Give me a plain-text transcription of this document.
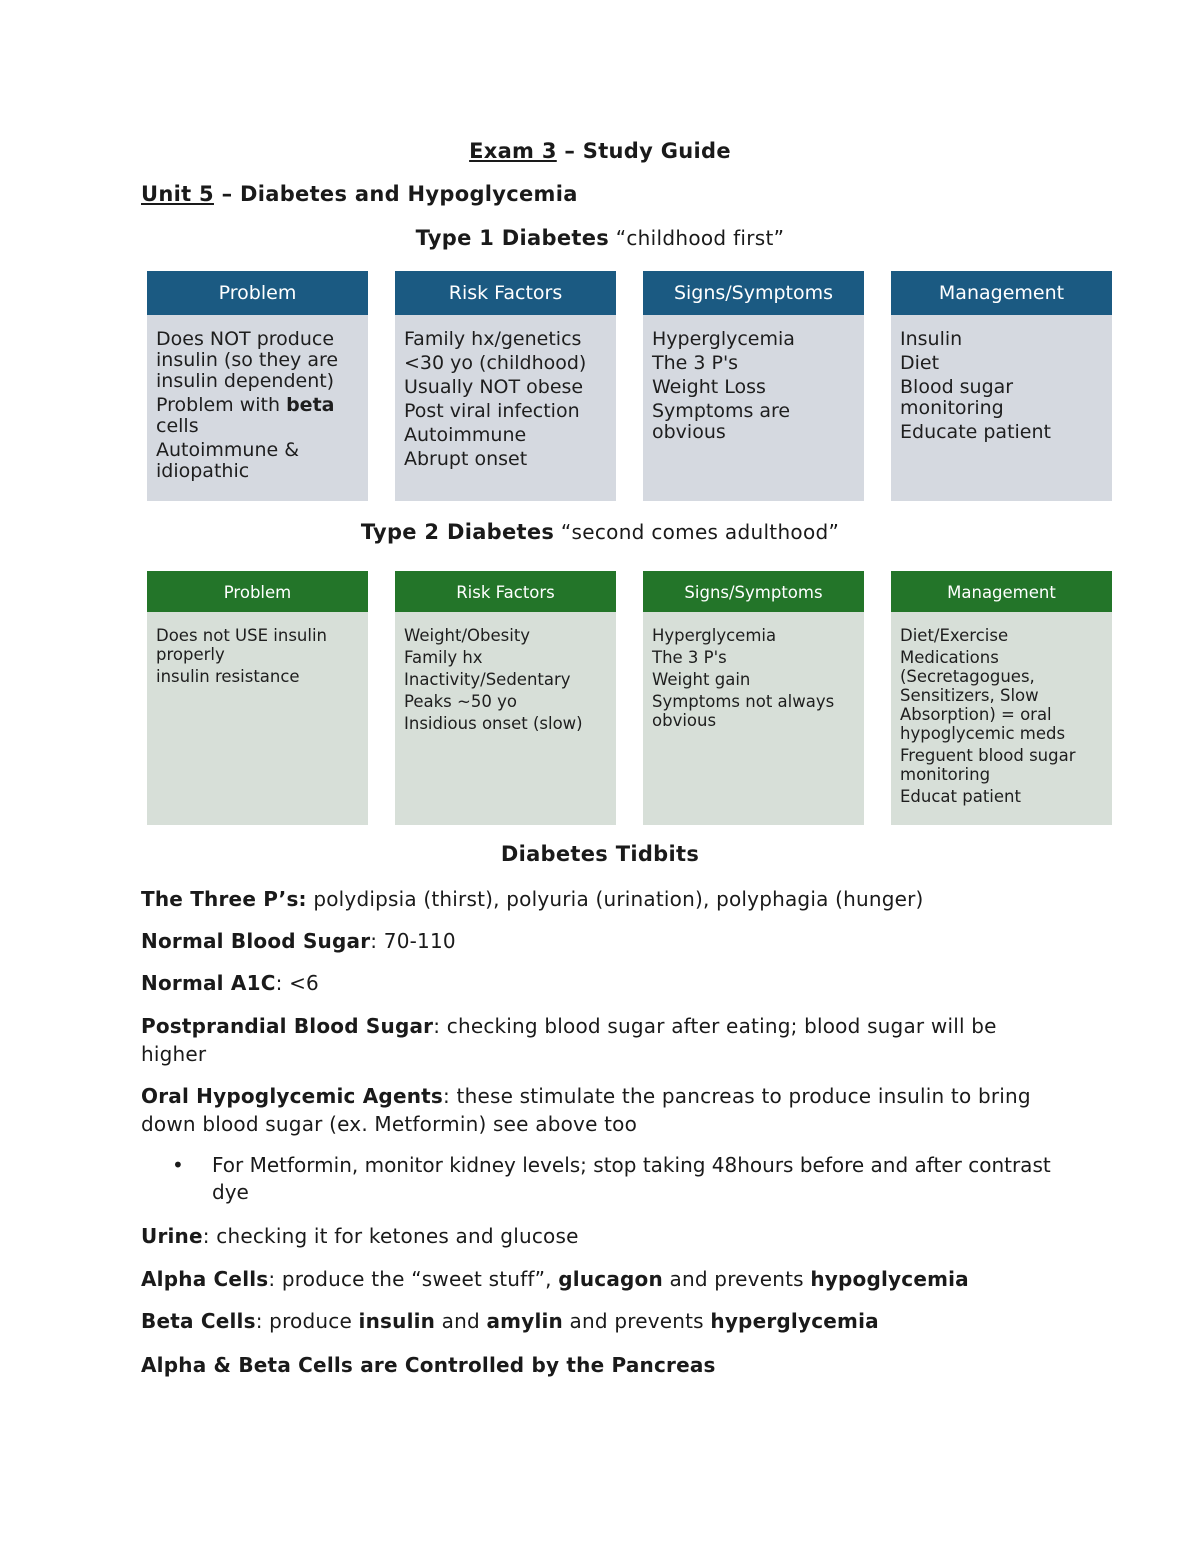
Exam 3 – Study Guide
Unit 5 – Diabetes and Hypoglycemia
Type 1 Diabetes “childhood first”
Problem
Does NOT produce
insulin (so they are
insulin dependent)
Problem with beta
cells
Autoimmune &
idiopathic
Risk Factors
Family hx/genetics
<30 yo (childhood)
Usually NOT obese
Post viral infection
Autoimmune
Abrupt onset
Signs/Symptoms
Hyperglycemia
The 3 P's
Weight Loss
Symptoms are
obvious
Management
Insulin
Diet
Blood sugar
monitoring
Educate patient
Type 2 Diabetes “second comes adulthood”
Problem
Does not USE insulin
properly
insulin resistance
Risk Factors
Weight/Obesity
Family hx
Inactivity/Sedentary
Peaks ~50 yo
Insidious onset (slow)
Signs/Symptoms
Hyperglycemia
The 3 P's
Weight gain
Symptoms not always
obvious
Management
Diet/Exercise
Medications
(Secretagogues,
Sensitizers, Slow
Absorption) = oral
hypoglycemic meds
Freguent blood sugar
monitoring
Educat patient
Diabetes Tidbits
The Three P’s: polydipsia (thirst), polyuria (urination), polyphagia (hunger)
Normal Blood Sugar: 70-110
Normal A1C: <6
Postprandial Blood Sugar: checking blood sugar after eating; blood sugar will be higher
Oral Hypoglycemic Agents: these stimulate the pancreas to produce insulin to bring down blood sugar (ex. Metformin) see above too
• For Metformin, monitor kidney levels; stop taking 48hours before and after contrast dye
Urine: checking it for ketones and glucose
Alpha Cells: produce the “sweet stuff”, glucagon and prevents hypoglycemia
Beta Cells: produce insulin and amylin and prevents hyperglycemia
Alpha & Beta Cells are Controlled by the Pancreas
